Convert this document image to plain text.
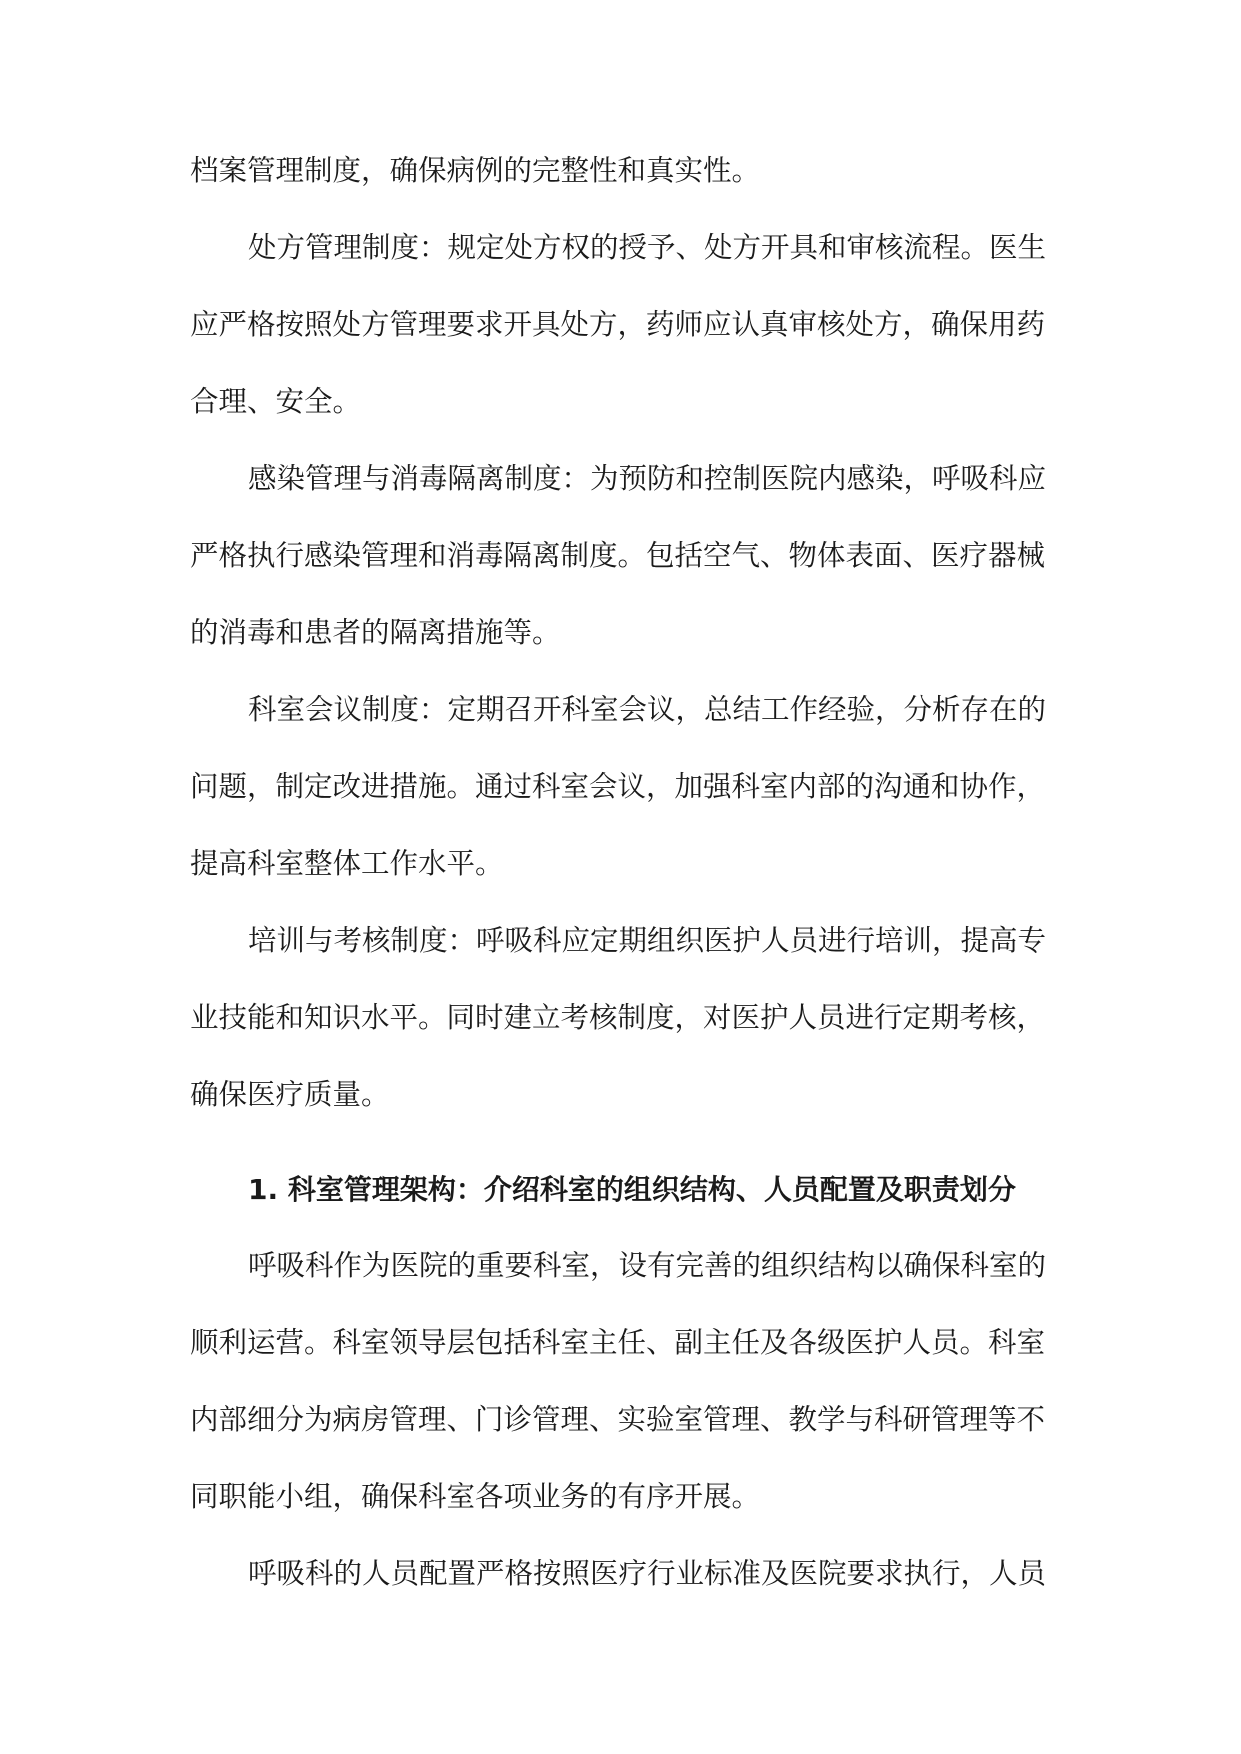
档案管理制度，确保病例的完整性和真实性。
处方管理制度：规定处方权的授予、处方开具和审核流程。医生
应严格按照处方管理要求开具处方，药师应认真审核处方，确保用药
合理、安全。
感染管理与消毒隔离制度：为预防和控制医院内感染，呼吸科应
严格执行感染管理和消毒隔离制度。包括空气、物体表面、医疗器械
的消毒和患者的隔离措施等。
科室会议制度：定期召开科室会议，总结工作经验，分析存在的
问题，制定改进措施。通过科室会议，加强科室内部的沟通和协作，
提高科室整体工作水平。
培训与考核制度：呼吸科应定期组织医护人员进行培训，提高专
业技能和知识水平。同时建立考核制度，对医护人员进行定期考核，
确保医疗质量。
1. 科室管理架构：介绍科室的组织结构、人员配置及职责划分
呼吸科作为医院的重要科室，设有完善的组织结构以确保科室的
顺利运营。科室领导层包括科室主任、副主任及各级医护人员。科室
内部细分为病房管理、门诊管理、实验室管理、教学与科研管理等不
同职能小组，确保科室各项业务的有序开展。
呼吸科的人员配置严格按照医疗行业标准及医院要求执行，人员
